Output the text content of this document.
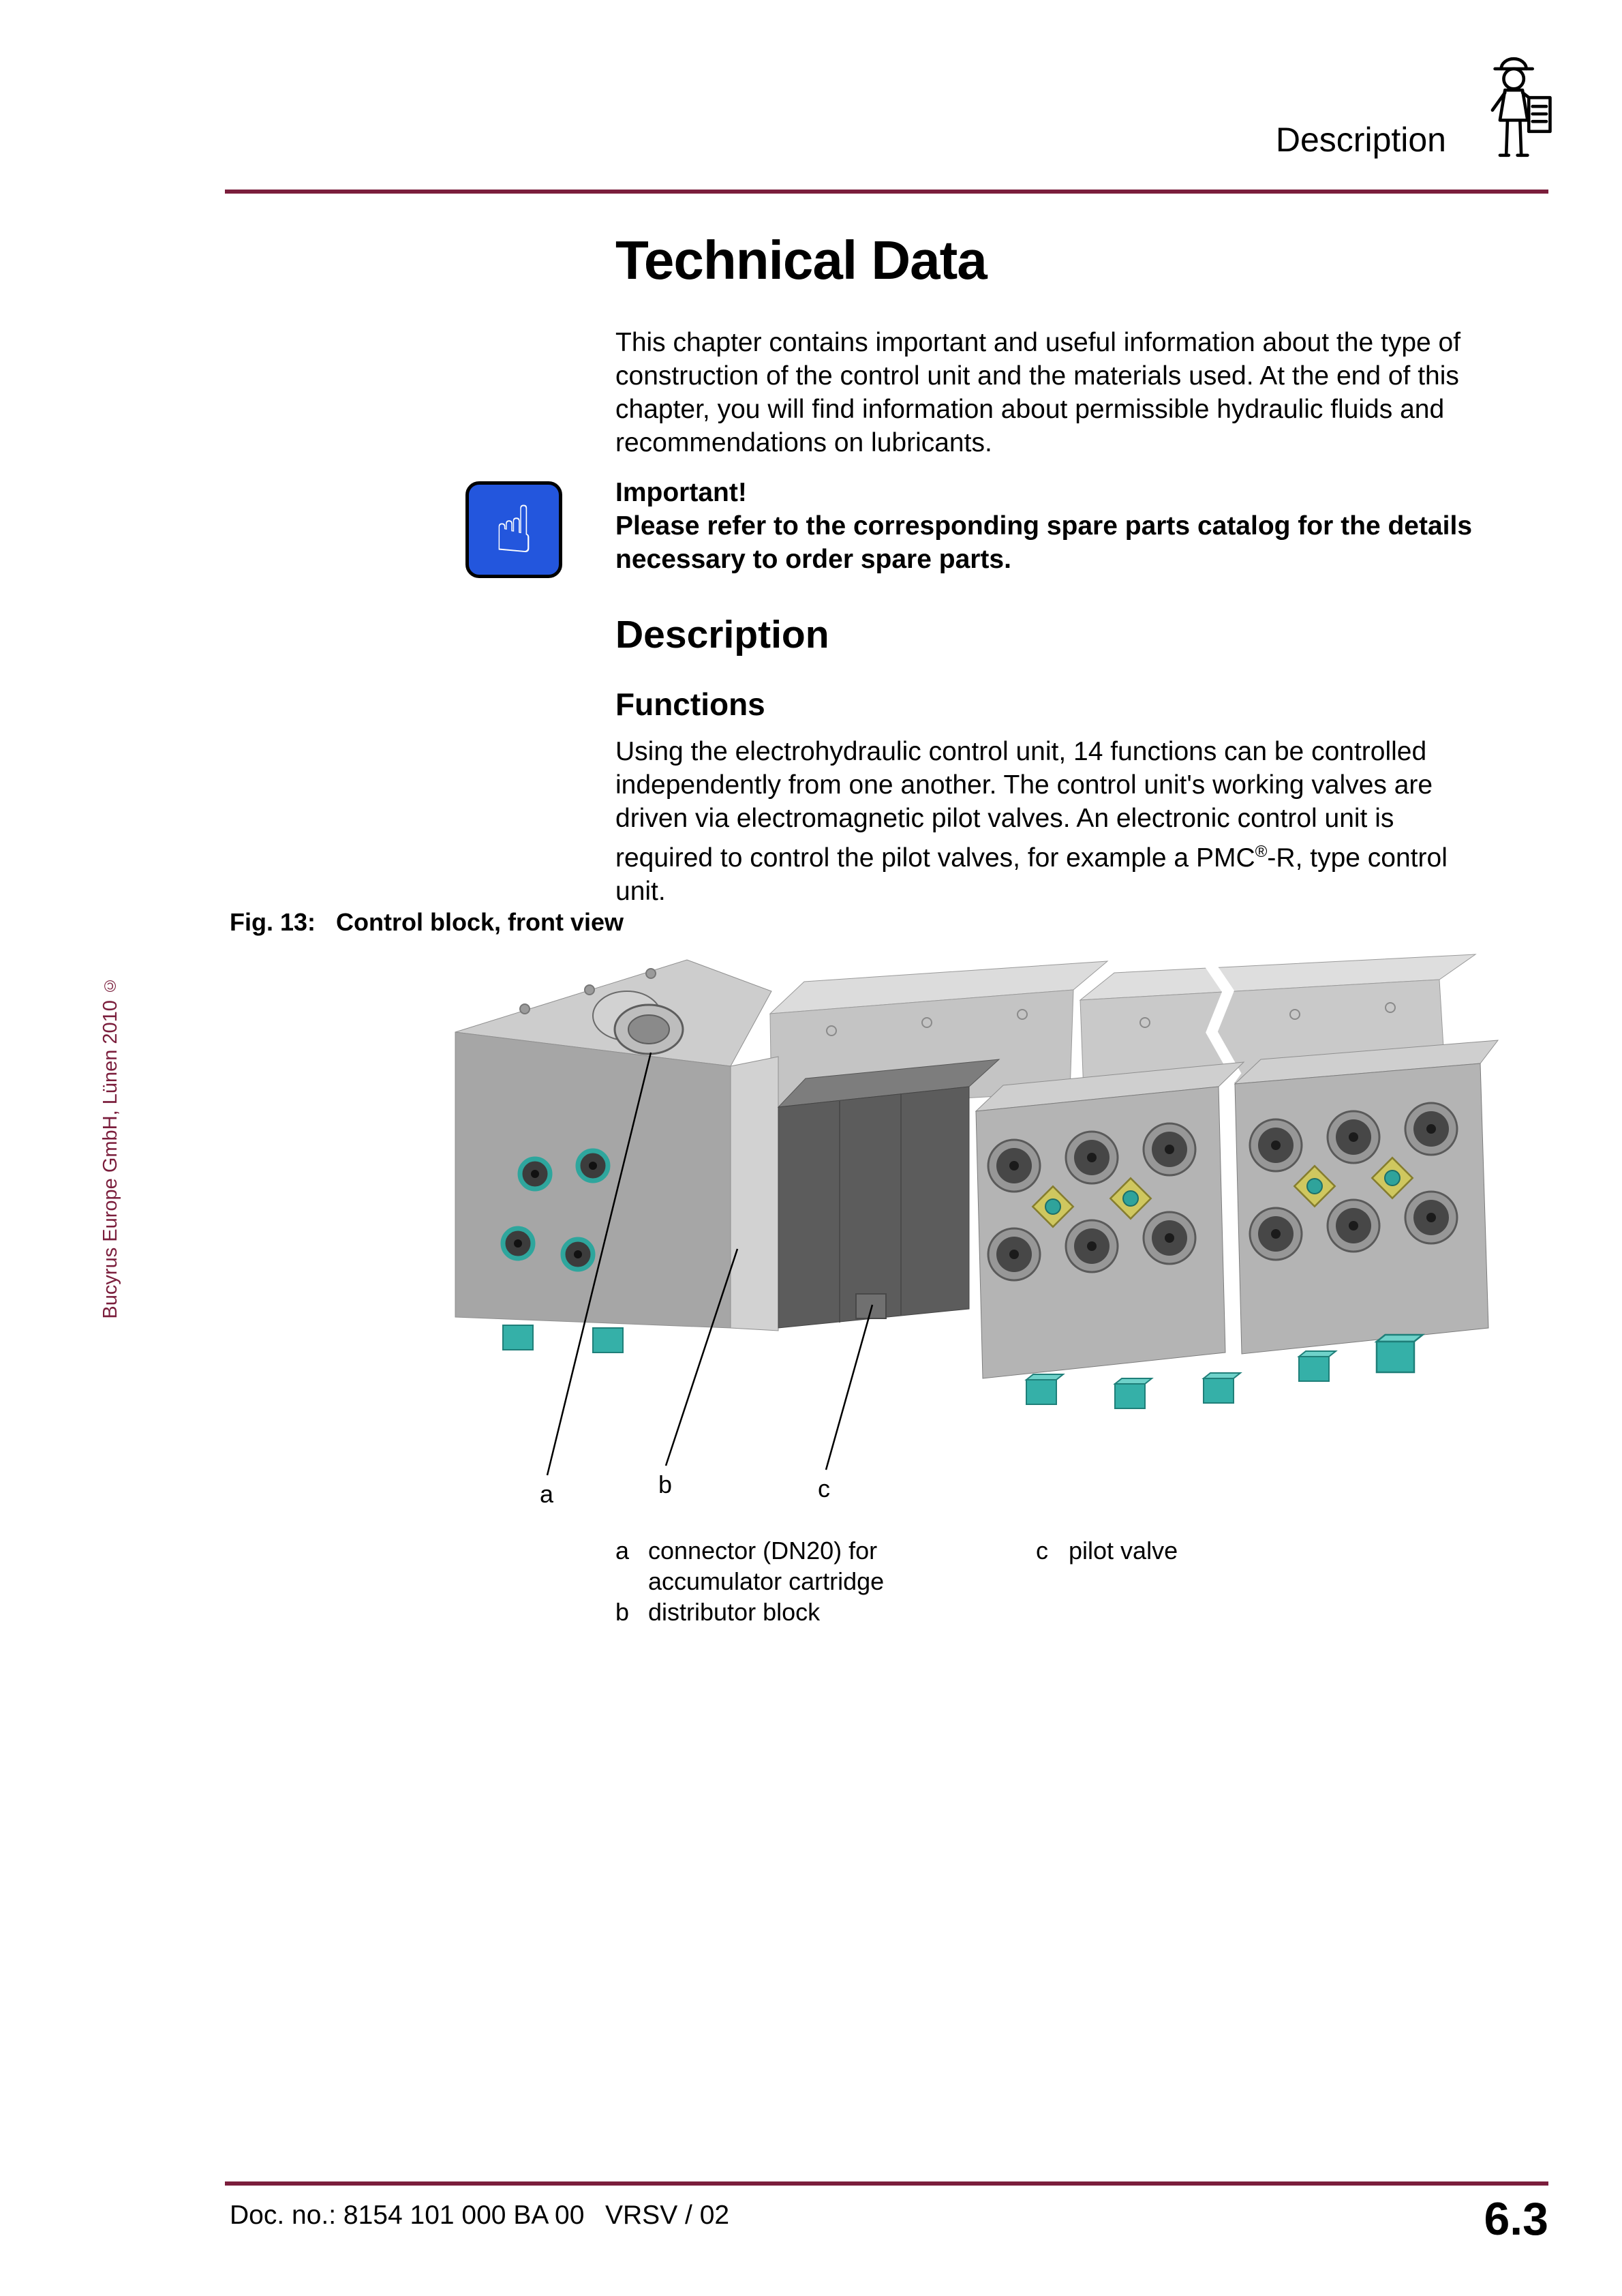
Description
Technical Data

This chapter contains important and useful information about the type of construction of the control unit and the materials used. At the end of this chapter, you will find information about permissible hydraulic fluids and recommendations on lubricants.

☝	Important!
Please refer to the corresponding spare parts catalog for the details necessary to order spare parts.
Description
Functions

Using the electrohydraulic control unit, 14 functions can be controlled independently from one another. The control unit's working valves are driven via electromagnetic pilot valves. An electronic control unit is required to control the pilot valves, for example a PMC®-R, type control unit.

Fig. 13: Control block, front view
Bucyrus Europe GmbH, Lünen 2010 ©
a	b	c
a connector (DN20) for accumulator cartridge
b distributor block
c pilot valve
Doc. no.: 8154 101 000 BA 00 VRSV / 02	6.3
